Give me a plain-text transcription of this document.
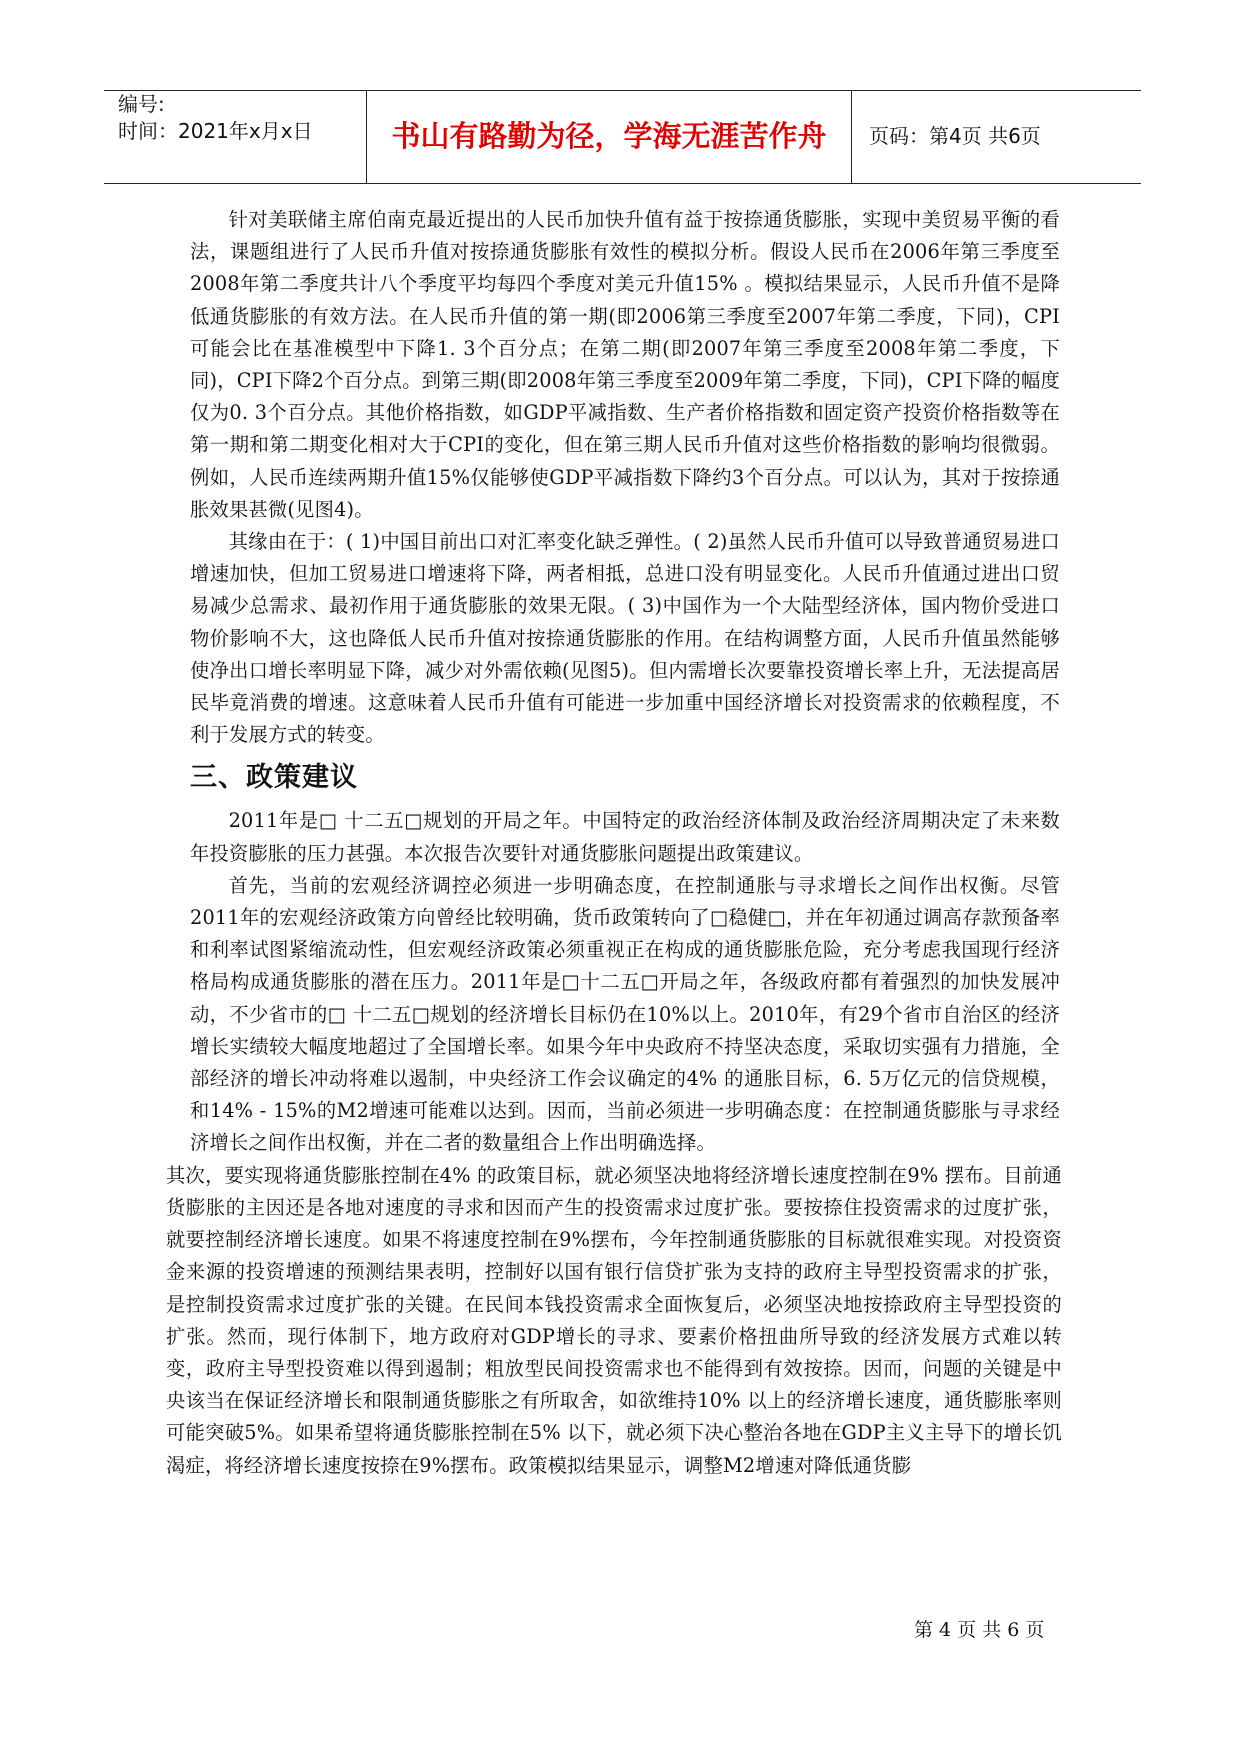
编号:
时间：2021年x月x日	书山有路勤为径，学海无涯苦作舟	页码：第4页 共6页

针对美联储主席伯南克最近提出的人民币加快升值有益于按捺通货膨胀，实现中美贸易平衡的看法，课题组进行了人民币升值对按捺通货膨胀有效性的模拟分析。假设人民币在2006年第三季度至2008年第二季度共计八个季度平均每四个季度对美元升值15% 。模拟结果显示，人民币升值不是降低通货膨胀的有效方法。在人民币升值的第一期(即2006第三季度至2007年第二季度，下同)，CPI可能会比在基准模型中下降1. 3个百分点；在第二期(即2007年第三季度至2008年第二季度，下同)，CPI下降2个百分点。到第三期(即2008年第三季度至2009年第二季度，下同)，CPI下降的幅度仅为0. 3个百分点。其他价格指数，如GDP平减指数、生产者价格指数和固定资产投资价格指数等在第一期和第二期变化相对大于CPI的变化，但在第三期人民币升值对这些价格指数的影响均很微弱。例如，人民币连续两期升值15%仅能够使GDP平减指数下降约3个百分点。可以认为，其对于按捺通胀效果甚微(见图4)。

其缘由在于：( 1)中国目前出口对汇率变化缺乏弹性。( 2)虽然人民币升值可以导致普通贸易进口增速加快，但加工贸易进口增速将下降，两者相抵，总进口没有明显变化。人民币升值通过进出口贸易减少总需求、最初作用于通货膨胀的效果无限。( 3)中国作为一个大陆型经济体，国内物价受进口物价影响不大，这也降低人民币升值对按捺通货膨胀的作用。在结构调整方面，人民币升值虽然能够使净出口增长率明显下降，减少对外需依赖(见图5)。但内需增长次要靠投资增长率上升，无法提高居民毕竟消费的增速。这意味着人民币升值有可能进一步加重中国经济增长对投资需求的依赖程度，不利于发展方式的转变。

三、政策建议

2011年是□ 十二五□规划的开局之年。中国特定的政治经济体制及政治经济周期决定了未来数年投资膨胀的压力甚强。本次报告次要针对通货膨胀问题提出政策建议。

首先，当前的宏观经济调控必须进一步明确态度，在控制通胀与寻求增长之间作出权衡。尽管2011年的宏观经济政策方向曾经比较明确，货币政策转向了□稳健□，并在年初通过调高存款预备率和利率试图紧缩流动性，但宏观经济政策必须重视正在构成的通货膨胀危险，充分考虑我国现行经济格局构成通货膨胀的潜在压力。2011年是□十二五□开局之年，各级政府都有着强烈的加快发展冲动，不少省市的□ 十二五□规划的经济增长目标仍在10%以上。2010年，有29个省市自治区的经济增长实绩较大幅度地超过了全国增长率。如果今年中央政府不持坚决态度，采取切实强有力措施，全部经济的增长冲动将难以遏制，中央经济工作会议确定的4% 的通胀目标，6. 5万亿元的信贷规模，和14% - 15%的M2增速可能难以达到。因而，当前必须进一步明确态度：在控制通货膨胀与寻求经济增长之间作出权衡，并在二者的数量组合上作出明确选择。

其次，要实现将通货膨胀控制在4% 的政策目标，就必须坚决地将经济增长速度控制在9% 摆布。目前通货膨胀的主因还是各地对速度的寻求和因而产生的投资需求过度扩张。要按捺住投资需求的过度扩张，就要控制经济增长速度。如果不将速度控制在9%摆布，今年控制通货膨胀的目标就很难实现。对投资资金来源的投资增速的预测结果表明，控制好以国有银行信贷扩张为支持的政府主导型投资需求的扩张，是控制投资需求过度扩张的关键。在民间本钱投资需求全面恢复后，必须坚决地按捺政府主导型投资的扩张。然而，现行体制下，地方政府对GDP增长的寻求、要素价格扭曲所导致的经济发展方式难以转变，政府主导型投资难以得到遏制；粗放型民间投资需求也不能得到有效按捺。因而，问题的关键是中央该当在保证经济增长和限制通货膨胀之有所取舍，如欲维持10% 以上的经济增长速度，通货膨胀率则可能突破5%。如果希望将通货膨胀控制在5% 以下，就必须下决心整治各地在GDP主义主导下的增长饥渴症，将经济增长速度按捺在9%摆布。政策模拟结果显示，调整M2增速对降低通货膨

第 4 页 共 6 页
